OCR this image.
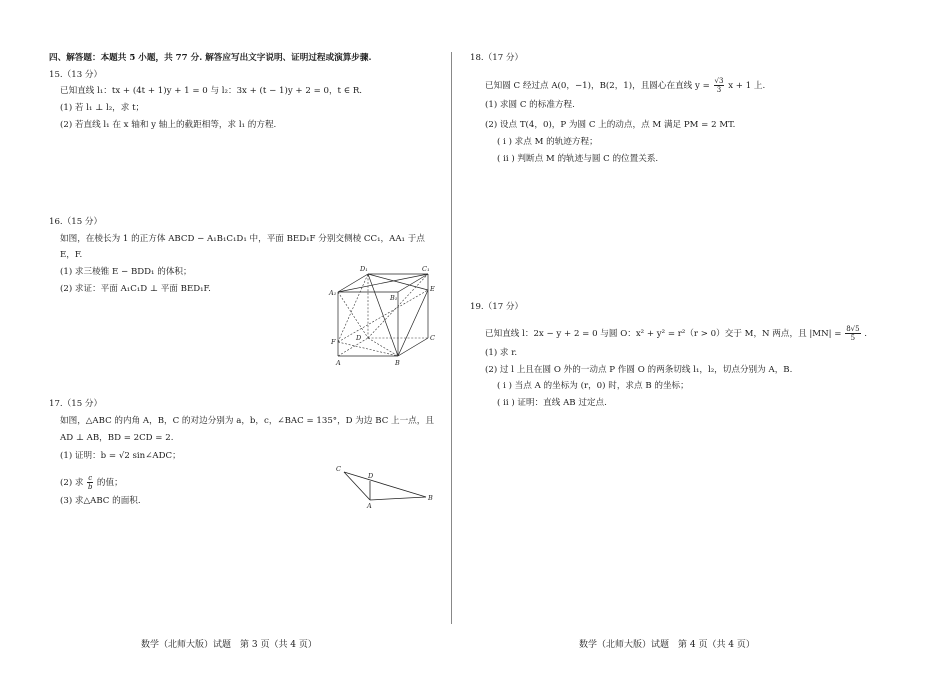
四、解答题：本题共 5 小题，共 77 分. 解答应写出文字说明、证明过程或演算步骤.
15.（13 分）
已知直线 l₁：tx + (4t + 1)y + 1 = 0 与 l₂：3x + (t − 1)y + 2 = 0，t ∈ R.
(1) 若 l₁ ⊥ l₂，求 t；
(2) 若直线 l₁ 在 x 轴和 y 轴上的截距相等，求 l₁ 的方程.
16.（15 分）
如图，在棱长为 1 的正方体 ABCD − A₁B₁C₁D₁ 中，平面 BED₁F 分别交侧棱 CC₁，AA₁ 于点
E，F.
(1) 求三棱锥 E − BDD₁ 的体积；
(2) 求证：平面 A₁C₁D ⊥ 平面 BED₁F.
D₁	C₁
A₁
B₁
E
F	D	C
A	B
17.（15 分）
如图，△ABC 的内角 A，B，C 的对边分别为 a，b，c，∠BAC = 135°，D 为边 BC 上一点，且
AD ⊥ AB，BD = 2CD = 2.
(1) 证明：b = √2 sin∠ADC；
(2) 求 $\frac{c}{b}$ 的值；
(3) 求△ABC 的面积.
C
D
A
B
数学（北师大版）试题　第 3 页（共 4 页）
18.（17 分）
已知圆 C 经过点 A(0，−1)，B(2，1)，且圆心在直线 $y = \frac{√3}{3}$ x + 1 上.
(1) 求圆 C 的标准方程.
(2) 设点 T(4，0)，P 为圆 C 上的动点，点 M 满足 PM = 2 MT.
( ⅰ ) 求点 M 的轨迹方程；
( ⅱ ) 判断点 M 的轨迹与圆 C 的位置关系.
19.（17 分）
已知直线 l：2x − y + 2 = 0 与圆 O：x² + y² = r²（r > 0）交于 M，N 两点，且 $|MN| = \frac{8√5}{5}$ .
(1) 求 r.
(2) 过 l 上且在圆 O 外的一动点 P 作圆 O 的两条切线 l₁，l₂，切点分别为 A，B.
( ⅰ ) 当点 A 的坐标为 (r，0) 时，求点 B 的坐标；
( ⅱ ) 证明：直线 AB 过定点.
数学（北师大版）试题　第 4 页（共 4 页）
